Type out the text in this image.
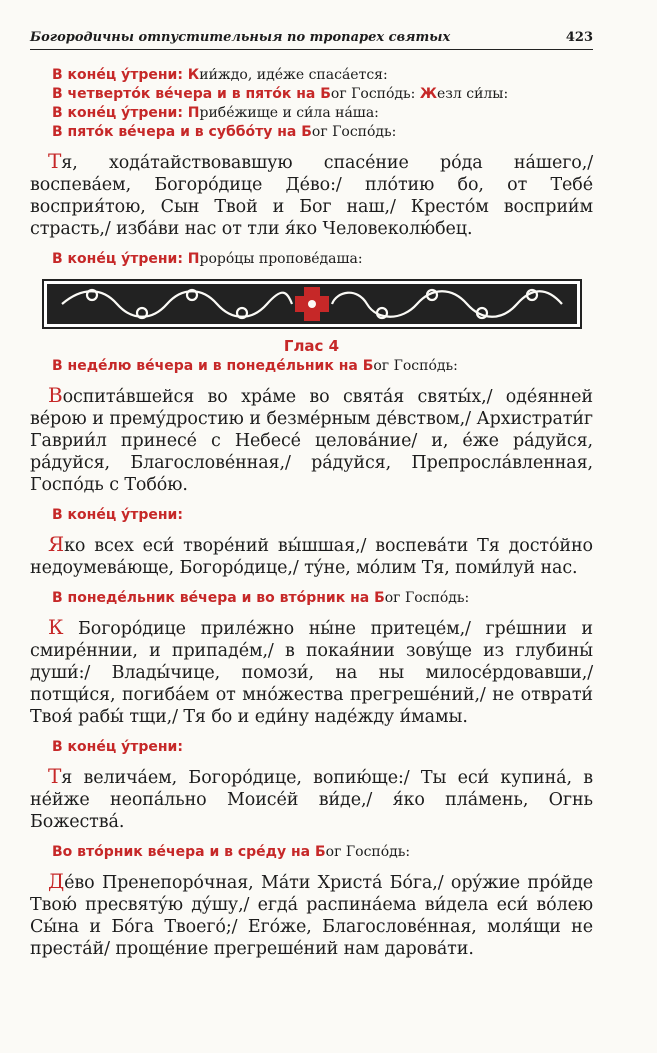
Богородичны отпустительныя по тропарех святых	423

В конéц ýтрени: Кии́ждо, идéже спасáется:

В четвертóк вéчера и в пятóк на Бог Госпóдь: Жезл си́лы:

В конéц ýтрени: Прибéжище и си́ла нáша:

В пятóк вéчера и в суббóту на Бог Госпóдь:

Тя, ходáтайствовавшую спасéние рóда нáшего,/ воспевáем, Богорóдице Дéво:/ плóтию бо, от Тебé восприя́тою, Сын Твой и Бог наш,/ Крестóм восприи́м страсть,/ избáви нас от тли я́ко Человеколю́бец.

В конéц ýтрени: Прорóцы проповéдаша:

Глас 4

В недéлю вéчера и в понедéльник на Бог Госпóдь:

Воспитáвшейся во хрáме во святáя святы́х,/ одéянней вéрою и премýдростию и безмéрным дéвством,/ Архистрати́г Гаврии́л принесé с Небесé целовáние/ и, éже рáдуйся, рáдуйся, Благословéнная,/ рáдуйся, Препрослáвленная, Госпóдь с Тобóю.

В конéц ýтрени:

Яко всех еси́ творéний вы́шшая,/ воспевáти Тя достóйно недоумевáюще, Богорóдице,/ тýне, мóлим Тя, поми́луй нас.

В понедéльник вéчера и во втóрник на Бог Госпóдь:

К Богорóдице прилéжно ны́не притецéм,/ грéшнии и смирéннии, и припадéм,/ в покая́нии зовýще из глубины́ души́:/ Влады́чице, помози́, на ны милосéрдовавши,/ потщи́ся, погибáем от мнóжества прегрешéний,/ не отврати́ Твоя́ рабы́ тщи,/ Тя бо и еди́ну надéжду и́мамы.

В конéц ýтрени:

Тя величáем, Богорóдице, вопию́ще:/ Ты еси́ купинá, в нéйже неопáльно Моисéй ви́де,/ я́ко плáмень, Огнь Божествá.

Во втóрник вéчера и в срéду на Бог Госпóдь:

Дéво Пренепорóчная, Мáти Христá Бóга,/ орýжие прóйде Твою́ пресвятýю дýшу,/ егдá распинáема ви́дела еси́ вóлею Сы́на и Бóга Твоегó;/ Егóже, Благословéнная, моля́щи не престáй/ прощéние прегрешéний нам даровáти.
